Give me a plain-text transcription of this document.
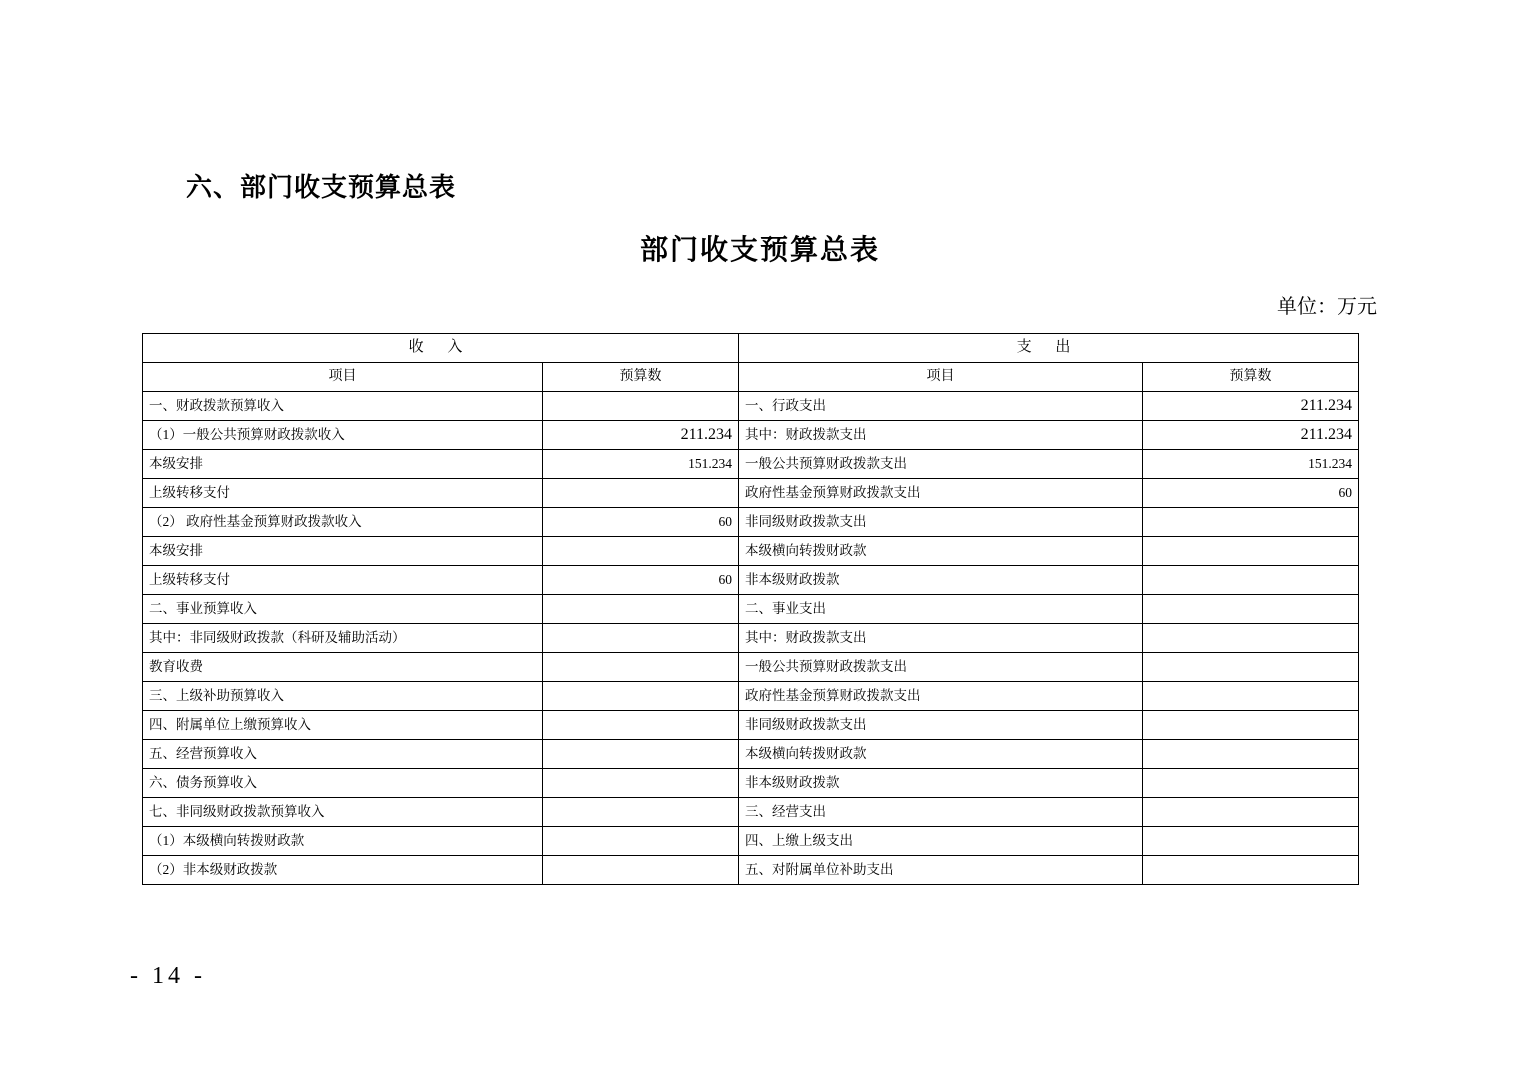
六、部门收支预算总表
部门收支预算总表
单位：万元
收 入		支 出	
项目	预算数	项目	预算数
一、财政拨款预算收入		一、行政支出	211.234
（1）一般公共预算财政拨款收入	211.234	其中：财政拨款支出	211.234
本级安排	151.234	一般公共预算财政拨款支出	151.234
上级转移支付		政府性基金预算财政拨款支出	60
（2） 政府性基金预算财政拨款收入	60	非同级财政拨款支出	
本级安排		本级横向转拨财政款	
上级转移支付	60	非本级财政拨款	
二、事业预算收入		二、事业支出	
其中：非同级财政拨款（科研及辅助活动）		其中：财政拨款支出	
教育收费		一般公共预算财政拨款支出	
三、上级补助预算收入		政府性基金预算财政拨款支出	
四、附属单位上缴预算收入		非同级财政拨款支出	
五、经营预算收入		本级横向转拨财政款	
六、债务预算收入		非本级财政拨款	
七、非同级财政拨款预算收入		三、经营支出	
（1）本级横向转拨财政款		四、上缴上级支出	
（2）非本级财政拨款		五、对附属单位补助支出	
- 14 -
